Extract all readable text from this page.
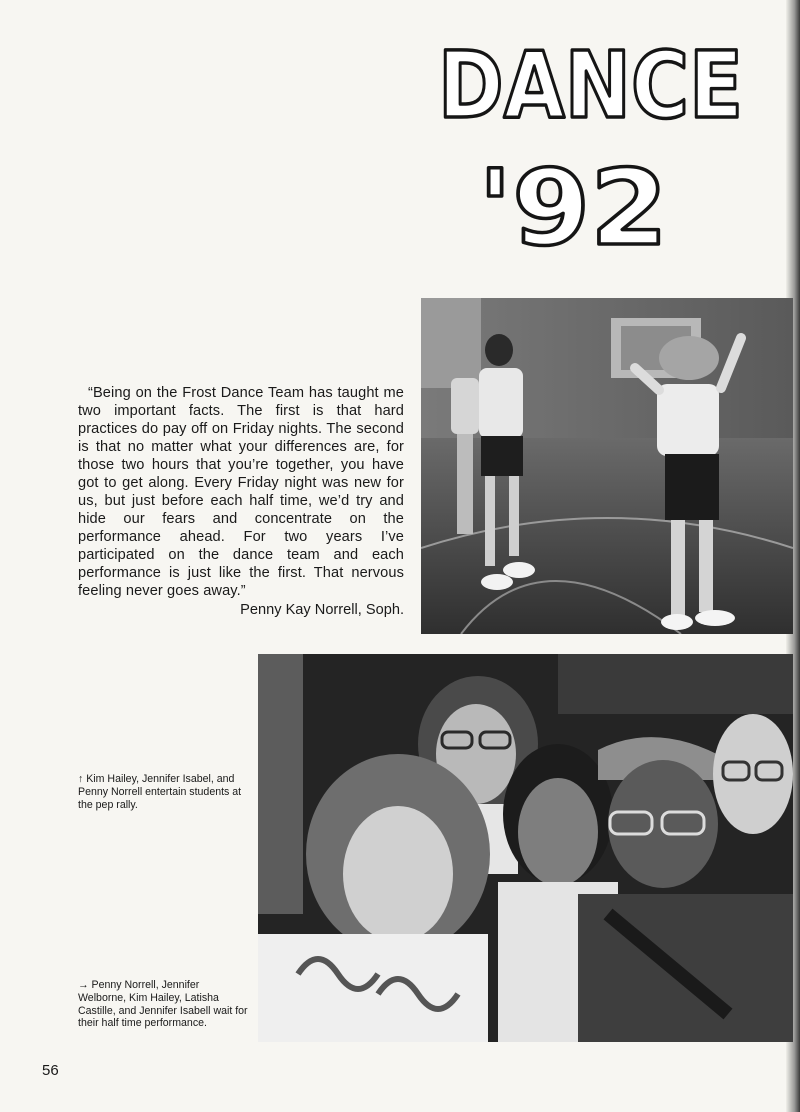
DANCE
'92
“Being on the Frost Dance Team has taught me two important facts. The first is that hard practices do pay off on Friday nights. The second is that no matter what your differences are, for those two hours that you’re together, you have got to get along. Every Friday night was new for us, but just before each half time, we’d try and hide our fears and concentrate on the performance ahead. For two years I’ve participated on the dance team and each performance is just like the first. That nervous feeling never goes away.”
Penny Kay Norrell, Soph.
↑ Kim Hailey, Jennifer Isabel, and Penny Norrell entertain students at the pep rally.
→ Penny Norrell, Jennifer Welborne, Kim Hailey, Latisha Castille, and Jennifer Isabell wait for their half time performance.
56
